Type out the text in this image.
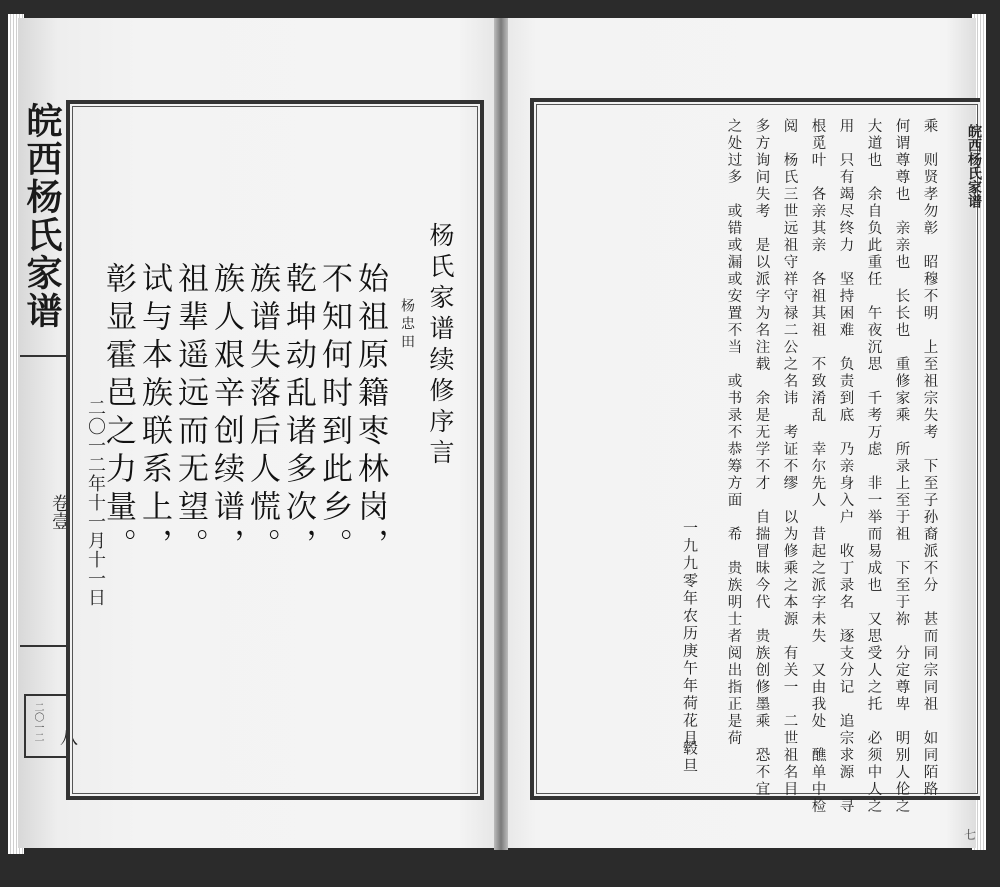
皖西杨氏家谱
卷壹
二〇一二 八
杨氏家谱续修序言
杨忠田
始祖原籍枣林岗，
不知何时到此乡。
乾坤动乱诸多次，
族谱失落后人慌。
族人艰辛创续谱，
祖辈遥远而无望。
试与本族联系上，
彰显霍邑之力量。
二〇一二年十一月十一日
皖西杨氏家谱
七
乘　则贤孝勿彰　昭穆不明　上至祖宗失考　下至子孙裔派不分　甚而同宗同祖　如同陌路
何谓尊尊也　亲亲也　长长也　重修家乘　所录上至于祖　下至于祢　分定尊卑　明别人伦之
大道也　余自负此重任　午夜沉思　千考万虑　非一举而易成也　又思受人之托　必须中人之
用　只有竭尽终力　坚持困难　负责到底　乃亲身入户　收丁录名　逐支分记　追宗求源　寻
根觅叶　各亲其亲　各祖其祖　不致淆乱　幸尔先人　昔起之派字未失　又由我处　醮单中检
阅　杨氏三世远祖守祥守禄二公之名讳　考证不缪　以为修乘之本源　有关一　二世祖名目
多方询问失考　是以派字为名注载　余是无学不才　自揣冒昧今代　贵族创修墨乘　恐不宜
之处过多　或错或漏或安置不当　或书录不恭筹方面　希　贵族明士者阅出指正是荷
一九九零年农历庚午年荷花月
毂旦
